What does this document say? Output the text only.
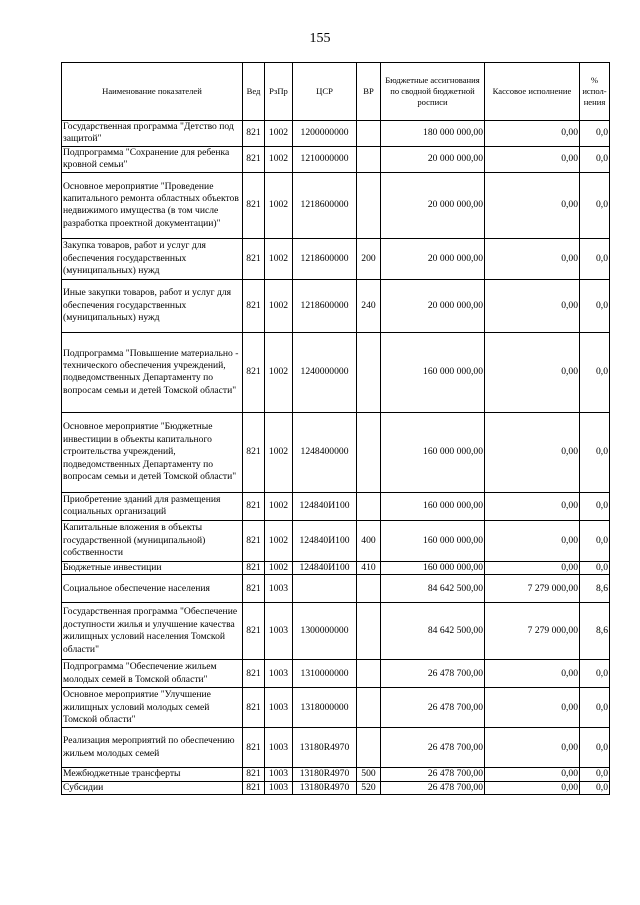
155
Наименование показателей	Вед	РзПр	ЦСР	ВР	Бюджетные ассигнования по сводной бюджетной росписи	Кассовое исполнение	% испол- нения
Государственная программа "Детство под защитой"	821	1002	1200000000		180 000 000,00	0,00	0,0
Подпрограмма "Сохранение для ребенка кровной семьи"	821	1002	1210000000		20 000 000,00	0,00	0,0
Основное мероприятие "Проведение капитального ремонта областных объектов недвижимого имущества (в том числе разработка проектной документации)"	821	1002	1218600000		20 000 000,00	0,00	0,0
Закупка товаров, работ и услуг для обеспечения государственных (муниципальных) нужд	821	1002	1218600000	200	20 000 000,00	0,00	0,0
Иные закупки товаров, работ и услуг для обеспечения государственных (муниципальных) нужд	821	1002	1218600000	240	20 000 000,00	0,00	0,0
Подпрограмма "Повышение материально - технического обеспечения учреждений, подведомственных Департаменту по вопросам семьи и детей Томской области"	821	1002	1240000000		160 000 000,00	0,00	0,0
Основное мероприятие "Бюджетные инвестиции в объекты капитального строительства учреждений, подведомственных Департаменту по вопросам семьи и детей Томской области"	821	1002	1248400000		160 000 000,00	0,00	0,0
Приобретение зданий для размещения социальных организаций	821	1002	124840И100		160 000 000,00	0,00	0,0
Капитальные вложения в объекты государственной (муниципальной) собственности	821	1002	124840И100	400	160 000 000,00	0,00	0,0
Бюджетные инвестиции	821	1002	124840И100	410	160 000 000,00	0,00	0,0
Социальное обеспечение населения	821	1003			84 642 500,00	7 279 000,00	8,6
Государственная программа "Обеспечение доступности жилья и улучшение качества жилищных условий населения Томской области"	821	1003	1300000000		84 642 500,00	7 279 000,00	8,6
Подпрограмма "Обеспечение жильем молодых семей в Томской области"	821	1003	1310000000		26 478 700,00	0,00	0,0
Основное мероприятие "Улучшение жилищных условий молодых семей Томской области"	821	1003	1318000000		26 478 700,00	0,00	0,0
Реализация мероприятий по обеспечению жильем молодых семей	821	1003	13180R4970		26 478 700,00	0,00	0,0
Межбюджетные трансферты	821	1003	13180R4970	500	26 478 700,00	0,00	0,0
Субсидии	821	1003	13180R4970	520	26 478 700,00	0,00	0,0
